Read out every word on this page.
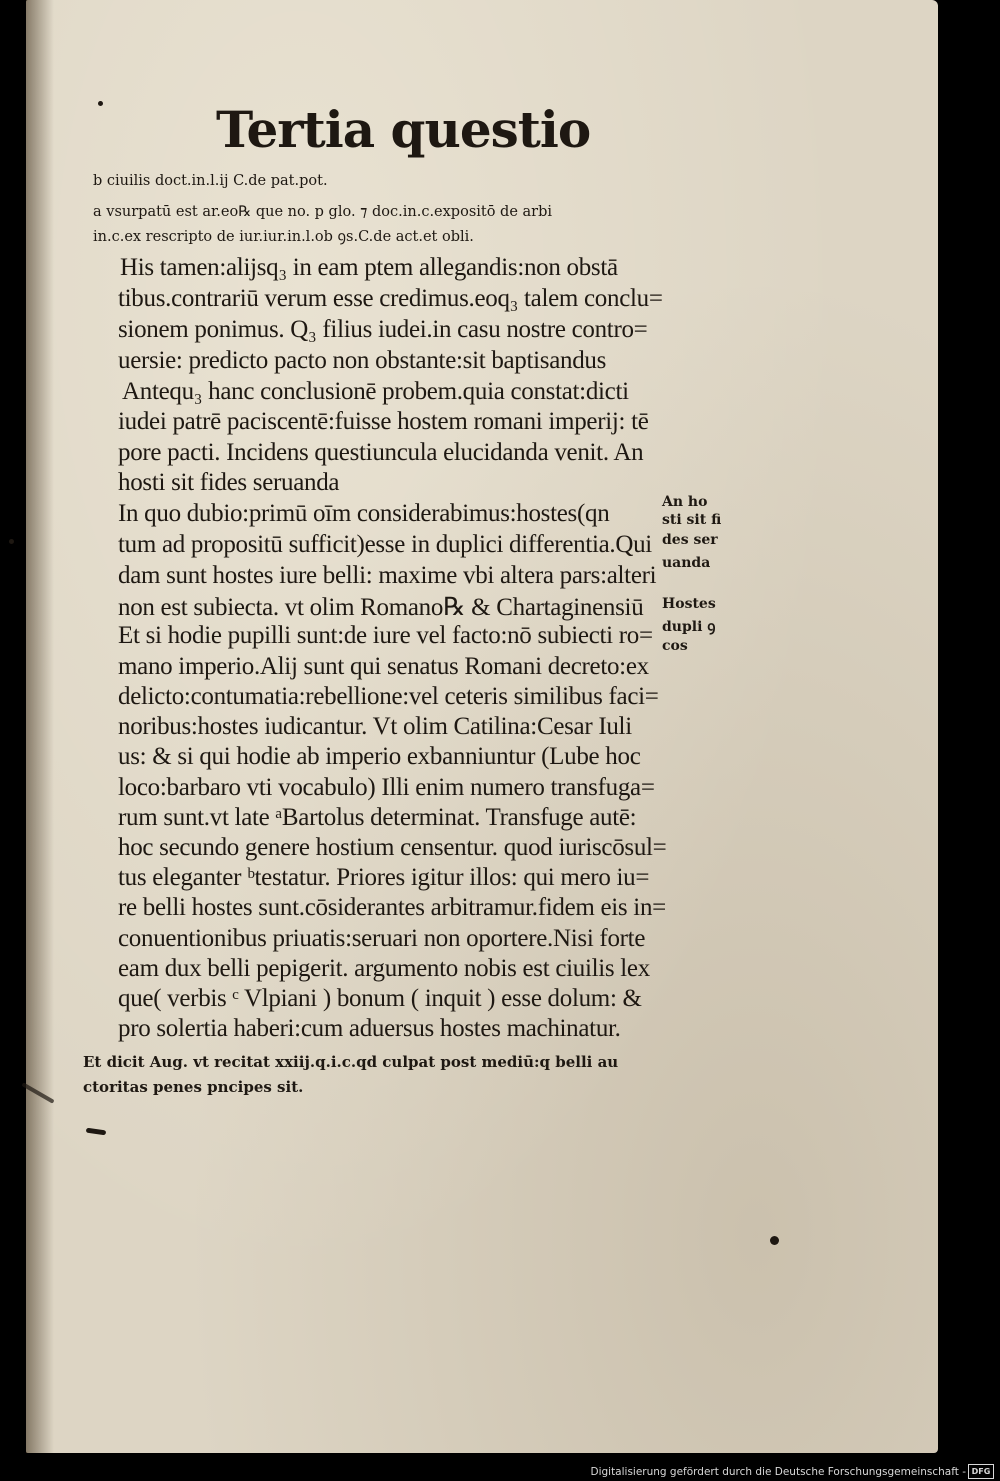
Tertia questio
b ciuilis doct.in.l.ij C.de pat.pot.
a vsurpatū est ar.eo℞ que no. p glo. ⁊ doc.in.c.expositō de arbi
in.c.ex rescripto de iur.iur.in.l.ob ꝯs.C.de act.et obli.
His tamen:alijsq₃ in eam ptem allegandis:non obstā
tibus.contrariū verum esse credimus.eoq₃ talem conclu=
sionem ponimus. Q₃ filius iudei.in casu nostre contro=
uersie: predicto pacto non obstante:sit baptisandus
Antequ₃ hanc conclusionē probem.quia constat:dicti
iudei patrē paciscentē:fuisse hostem romani imperij: tē
pore pacti. Incidens questiuncula elucidanda venit. An
hosti sit fides seruanda
In quo dubio:primū oīm considerabimus:hostes(qn
tum ad propositū sufficit)esse in duplici differentia.Qui
dam sunt hostes iure belli: maxime vbi altera pars:alteri
non est subiecta. vt olim Romano℞ & Chartaginensiū
Et si hodie pupilli sunt:de iure vel facto:nō subiecti ro=
mano imperio.Alij sunt qui senatus Romani decreto:ex
delicto:contumatia:rebellione:vel ceteris similibus faci=
noribus:hostes iudicantur. Vt olim Catilina:Cesar Iuli
us: & si qui hodie ab imperio exbanniuntur (Lube hoc
loco:barbaro vti vocabulo) Illi enim numero transfuga=
rum sunt.vt late ᵃBartolus determinat. Transfuge autē:
hoc secundo genere hostium censentur. quod iuriscōsul=
tus eleganter ᵇtestatur. Priores igitur illos: qui mero iu=
re belli hostes sunt.cōsiderantes arbitramur.fidem eis in=
conuentionibus priuatis:seruari non oportere.Nisi forte
eam dux belli pepigerit. argumento nobis est ciuilis lex
que( verbis ᶜ Vlpiani ) bonum ( inquit ) esse dolum: &
pro solertia haberi:cum aduersus hostes machinatur.
An ho
sti sit fi
des ser
uanda
Hostes
dupli ꝯ
cos
Et dicit Aug. vt recitat xxiij.q.i.c.qd culpat post mediū:q belli au
ctoritas penes pncipes sit.
Digitalisierung gefördert durch die Deutsche Forschungsgemeinschaft - DFG
